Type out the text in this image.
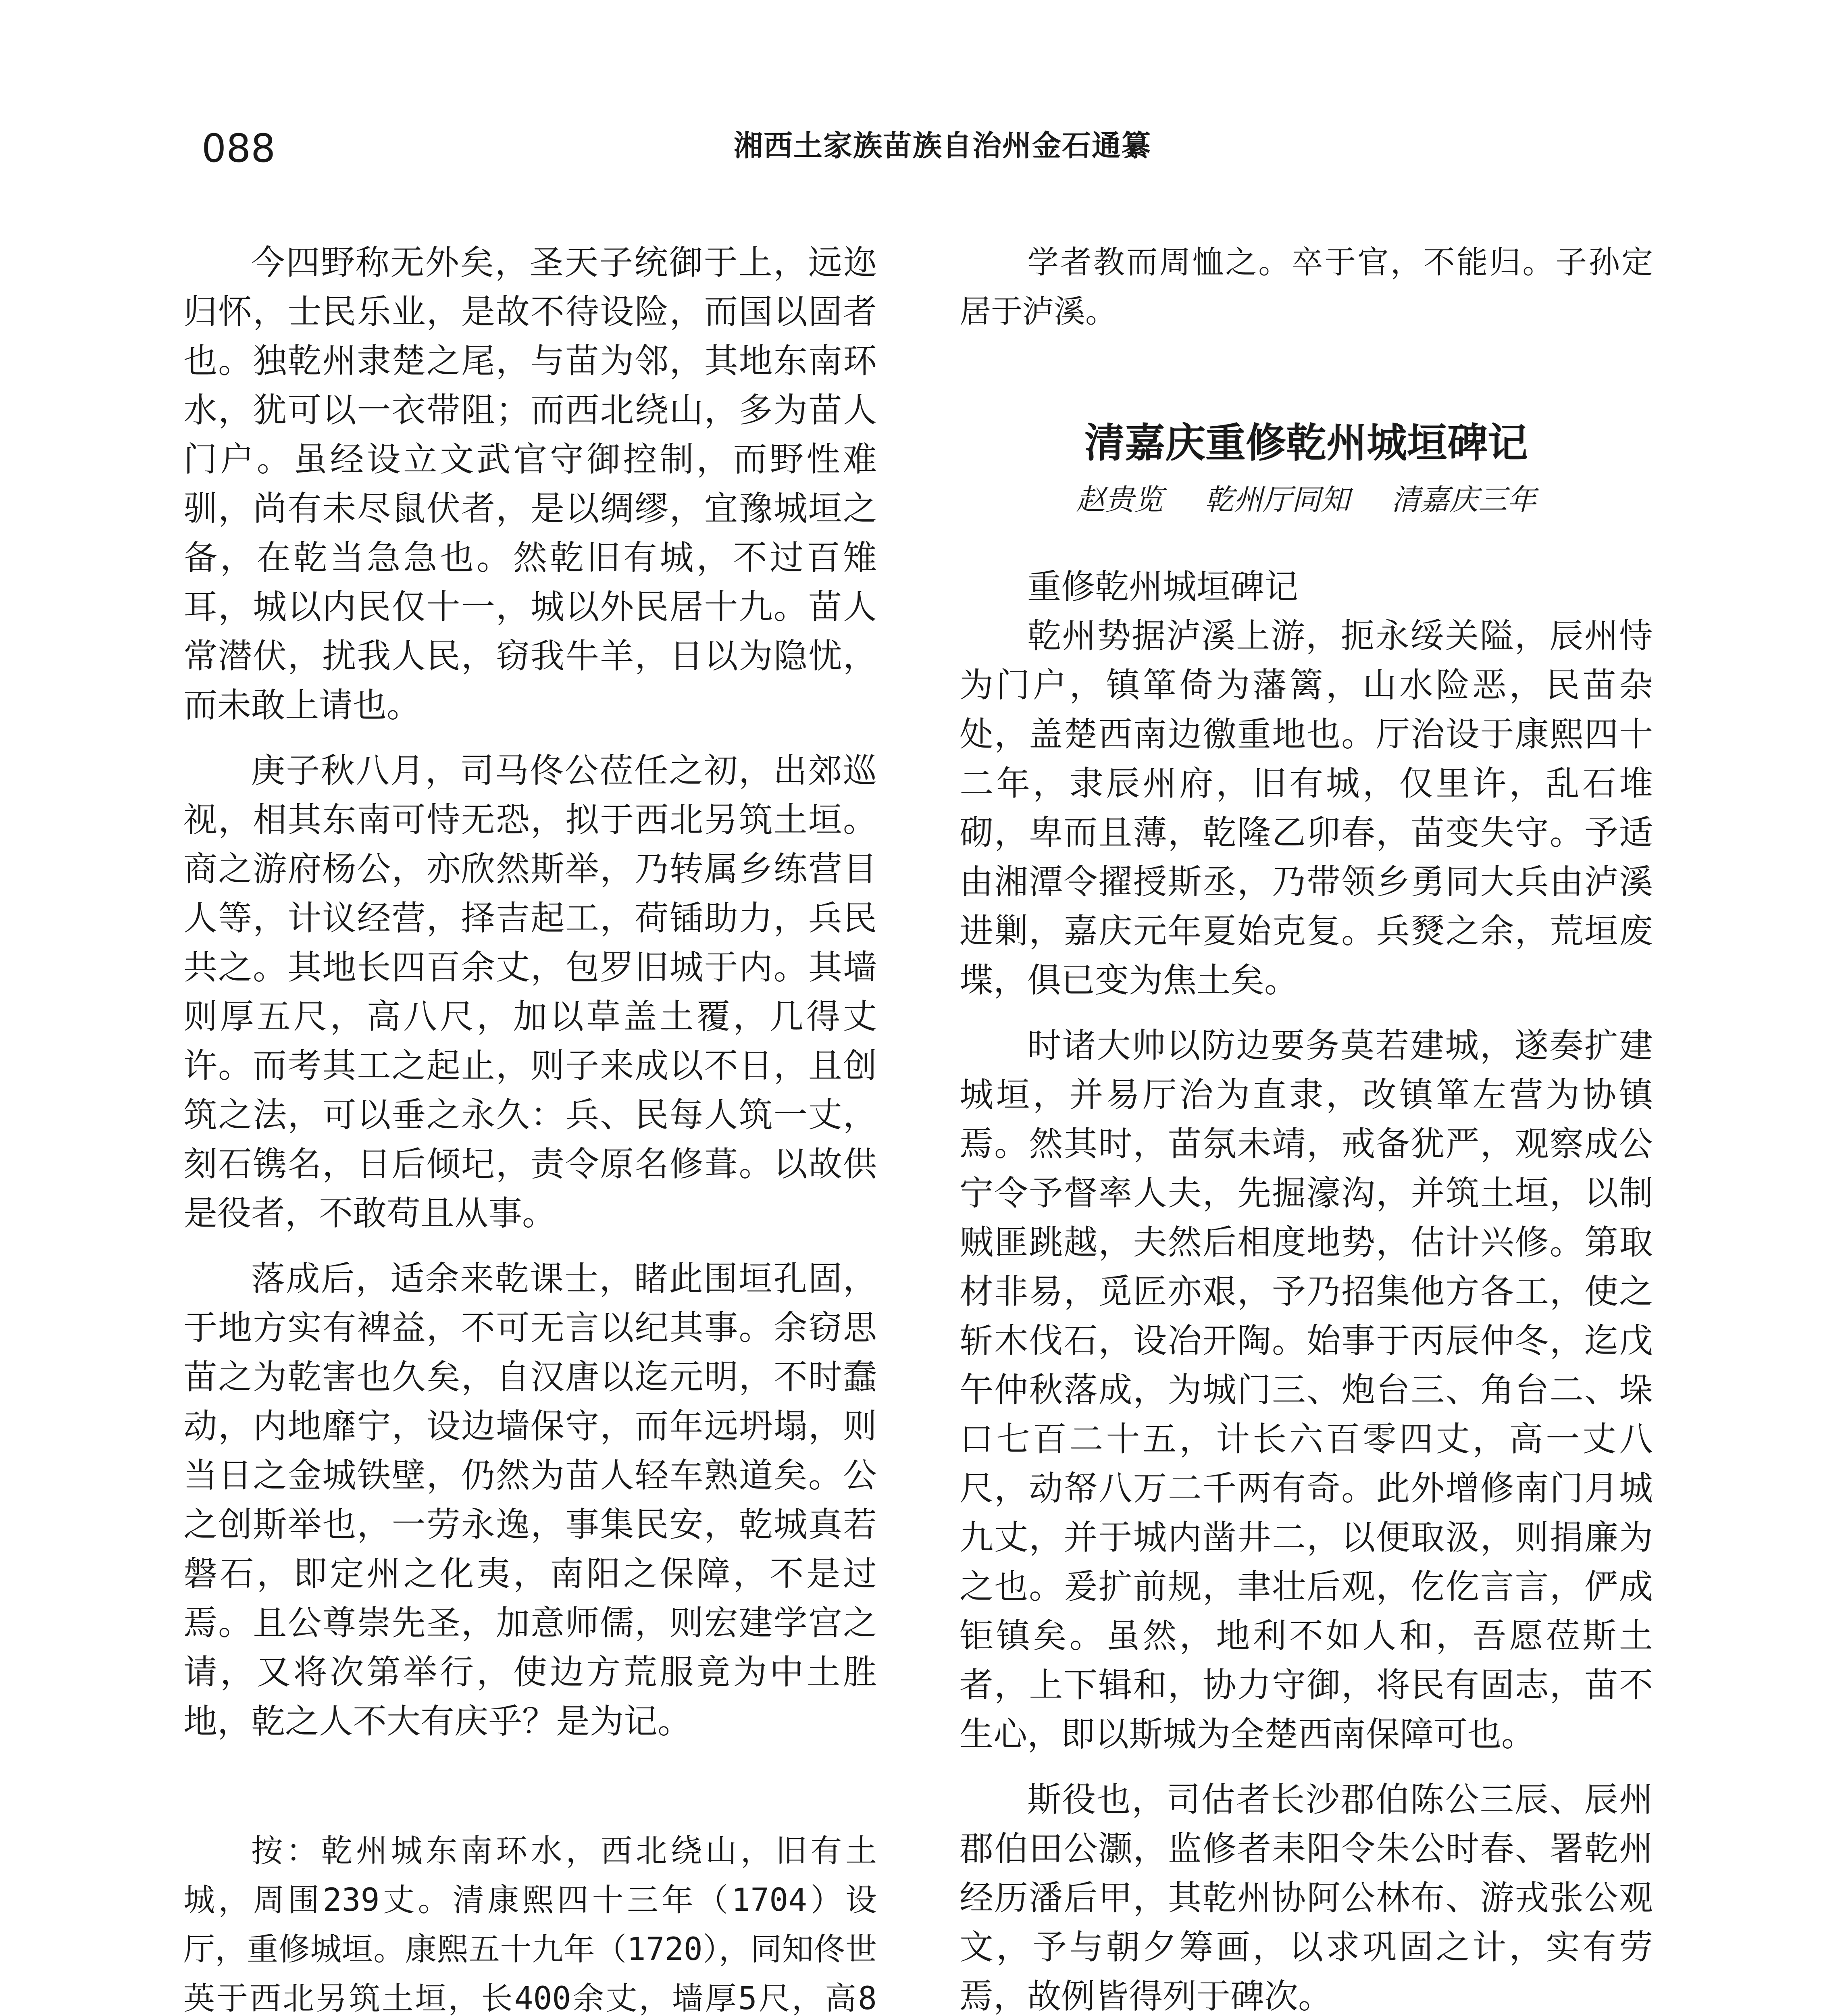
088	湘西土家族苗族自治州金石通纂

今四野称无外矣，圣天子统御于上，远迩归怀，士民乐业，是故不待设险，而国以固者也。独乾州隶楚之尾，与苗为邻，其地东南环水，犹可以一衣带阻；而西北绕山，多为苗人门户。虽经设立文武官守御控制，而野性难驯，尚有未尽鼠伏者，是以绸缪，宜豫城垣之备，在乾当急急也。然乾旧有城，不过百雉耳，城以内民仅十一，城以外民居十九。苗人常潜伏，扰我人民，窃我牛羊，日以为隐忧，而未敢上请也。

庚子秋八月，司马佟公莅任之初，出郊巡视，相其东南可恃无恐，拟于西北另筑土垣。商之游府杨公，亦欣然斯举，乃转属乡练营目人等，计议经营，择吉起工，荷锸助力，兵民共之。其地长四百余丈，包罗旧城于内。其墙则厚五尺，高八尺，加以草盖土覆，几得丈许。而考其工之起止，则子来成以不日，且创筑之法，可以垂之永久：兵、民每人筑一丈，刻石镌名，日后倾圮，责令原名修葺。以故供是役者，不敢苟且从事。

落成后，适余来乾课士，睹此围垣孔固，于地方实有裨益，不可无言以纪其事。余窃思苗之为乾害也久矣，自汉唐以迄元明，不时蠢动，内地靡宁，设边墙保守，而年远坍塌，则当日之金城铁壁，仍然为苗人轻车熟道矣。公之创斯举也，一劳永逸，事集民安，乾城真若磐石，即定州之化夷，南阳之保障，不是过焉。且公尊崇先圣，加意师儒，则宏建学宫之请，又将次第举行，使边方荒服竟为中土胜地，乾之人不大有庆乎？是为记。

按：乾州城东南环水，西北绕山，旧有土城，周围239丈。清康熙四十三年（1704）设厅，重修城垣。康熙五十九年（1720），同知佟世英于西北另筑土垣，长400余丈，墙厚5尺，高8

学者教而周恤之。卒于官，不能归。子孙定居于泸溪。

清嘉庆重修乾州城垣碑记
赵贵览 乾州厅同知 清嘉庆三年

重修乾州城垣碑记

乾州势据泸溪上游，扼永绥关隘，辰州恃为门户，镇箪倚为藩篱，山水险恶，民苗杂处，盖楚西南边徼重地也。厅治设于康熙四十二年，隶辰州府，旧有城，仅里许，乱石堆砌，卑而且薄，乾隆乙卯春，苗变失守。予适由湘潭令擢授斯丞，乃带领乡勇同大兵由泸溪进剿，嘉庆元年夏始克复。兵燹之余，荒垣废堞，俱已变为焦土矣。

时诸大帅以防边要务莫若建城，遂奏扩建城垣，并易厅治为直隶，改镇箪左营为协镇焉。然其时，苗氛未靖，戒备犹严，观察成公宁令予督率人夫，先掘濠沟，并筑土垣，以制贼匪跳越，夫然后相度地势，估计兴修。第取材非易，觅匠亦艰，予乃招集他方各工，使之斩木伐石，设冶开陶。始事于丙辰仲冬，迄戊午仲秋落成，为城门三、炮台三、角台二、垛口七百二十五，计长六百零四丈，高一丈八尺，动帑八万二千两有奇。此外增修南门月城九丈，并于城内凿井二，以便取汲，则捐廉为之也。爰扩前规，聿壮后观，仡仡言言，俨成钜镇矣。虽然，地利不如人和，吾愿莅斯土者，上下辑和，协力守御，将民有固志，苗不生心，即以斯城为全楚西南保障可也。

斯役也，司估者长沙郡伯陈公三辰、辰州郡伯田公灏，监修者耒阳令朱公时春、署乾州经历潘后甲，其乾州协阿公林布、游戎张公观文，予与朝夕筹画，以求巩固之计，实有劳焉，故例皆得列于碑次。
